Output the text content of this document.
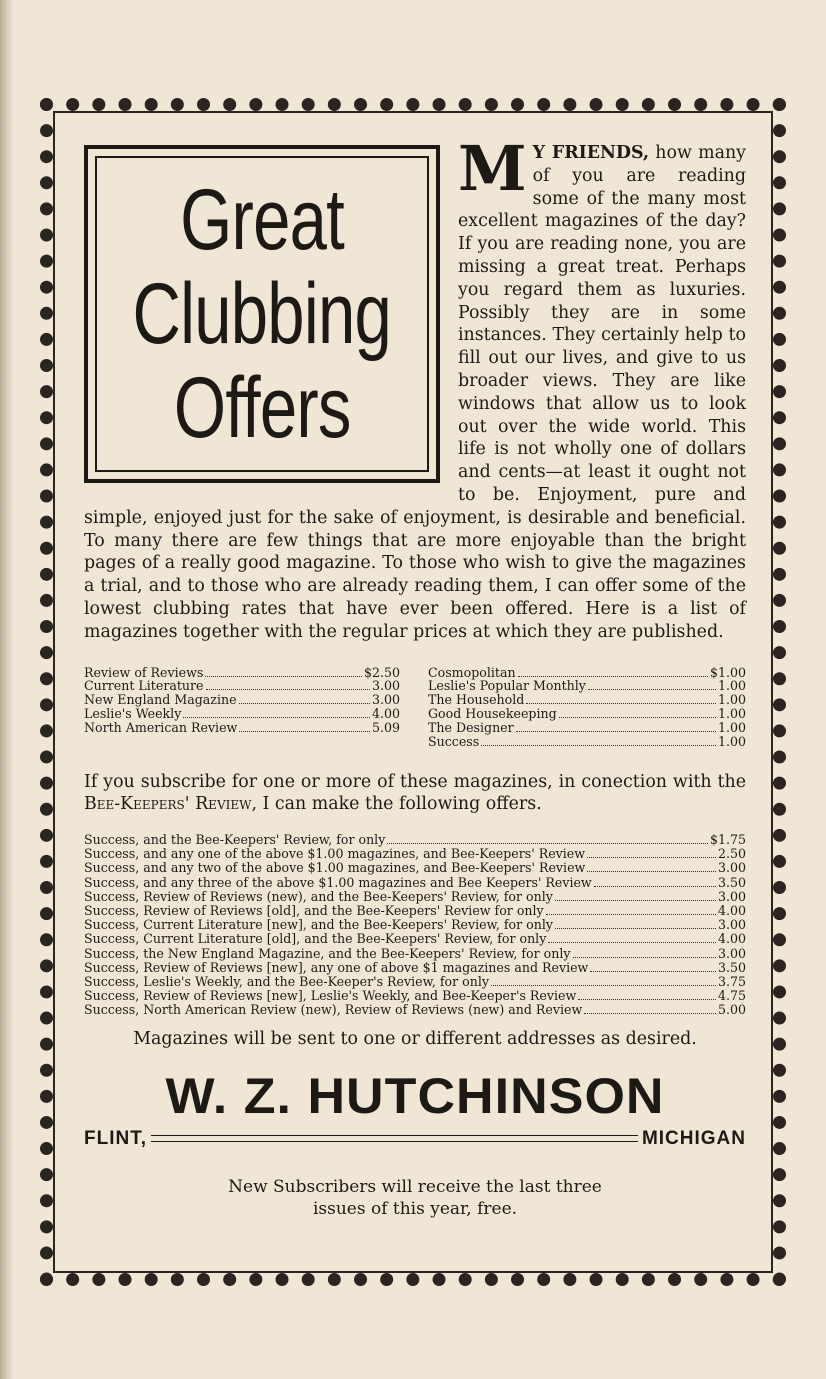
Great
Clubbing
Offers

M Y FRIENDS, how many of you are reading some of the many most excellent magazines of the day? If you are reading none, you are missing a great treat. Perhaps you regard them as luxuries. Possibly they are in some instances. They certainly help to fill out our lives, and give to us broader views. They are like windows that allow us to look out over the wide world. This life is not wholly one of dollars and cents—at least it ought not to be. Enjoyment, pure and simple, enjoyed just for the sake of enjoyment, is desirable and beneficial. To many there are few things that are more enjoyable than the bright pages of a really good magazine. To those who wish to give the magazines a trial, and to those who are already reading them, I can offer some of the lowest clubbing rates that have ever been offered. Here is a list of magazines together with the regular prices at which they are published.

Review of Reviews	$2.50
Current Literature	3.00
New England Magazine	3.00
Leslie's Weekly	4.00
North American Review	5.09
Cosmopolitan	$1.00
Leslie's Popular Monthly	1.00
The Household	1.00
Good Housekeeping	1.00
The Designer	1.00
Success	1.00

If you subscribe for one or more of these magazines, in conection with the Bee-Keepers' Review, I can make the following offers.

Success, and the Bee-Keepers' Review, for only	$1.75
Success, and any one of the above $1.00 magazines, and Bee-Keepers' Review	2.50
Success, and any two of the above $1.00 magazines, and Bee-Keepers' Review	3.00
Success, and any three of the above $1.00 magazines and Bee Keepers' Review	3.50
Success, Review of Reviews (new), and the Bee-Keepers' Review, for only	3.00
Success, Review of Reviews [old], and the Bee-Keepers' Review for only	4.00
Success, Current Literature [new], and the Bee-Keepers' Review, for only	3.00
Success, Current Literature [old], and the Bee-Keepers' Review, for only	4.00
Success, the New England Magazine, and the Bee-Keepers' Review, for only	3.00
Success, Review of Reviews [new], any one of above $1 magazines and Review	3.50
Success, Leslie's Weekly, and the Bee-Keeper's Review, for only	3.75
Success, Review of Reviews [new], Leslie's Weekly, and Bee-Keeper's Review	4.75
Success, North American Review (new), Review of Reviews (new) and Review	5.00

Magazines will be sent to one or different addresses as desired.

W. Z. HUTCHINSON
FLINT,	MICHIGAN
New Subscribers will receive the last three
issues of this year, free.
